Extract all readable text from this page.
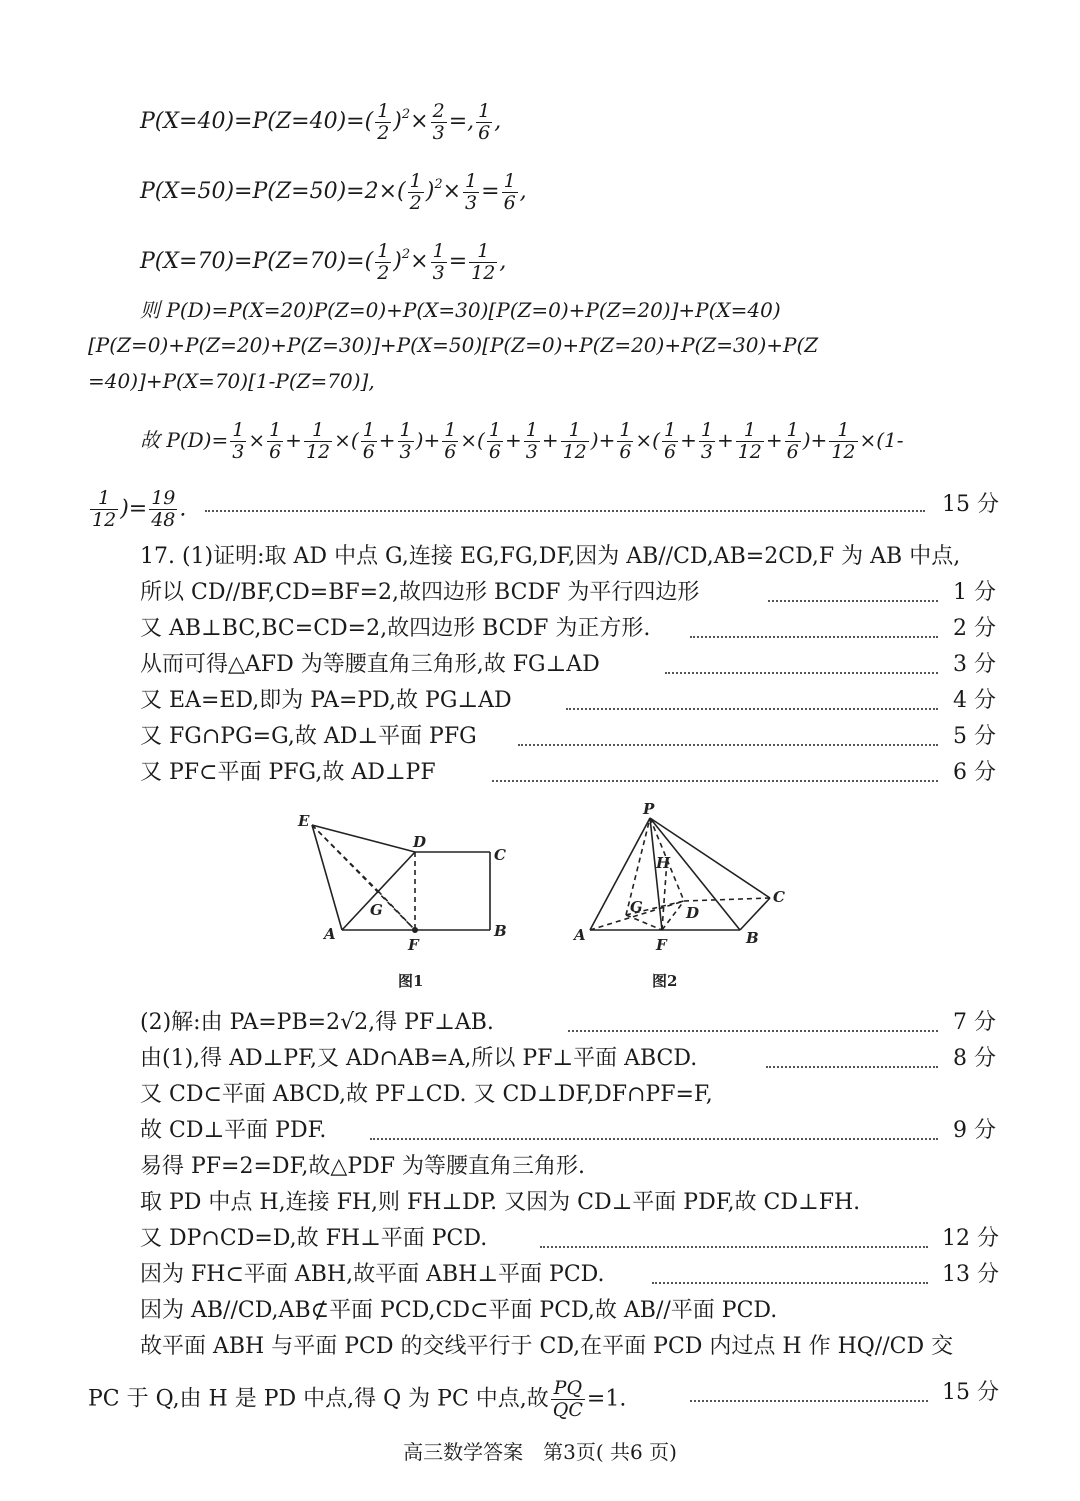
$P(X=40)=P(Z=40)=( \frac{1}{2} )^2\times \frac{2}{3}$ =, $\frac{1}{6}$ ,
$P(X=50)=P(Z=50)=2\times( \frac{1}{2} )^2\times \frac{1}{3} = \frac{1}{6}$ ,
$P(X=70)=P(Z=70)=( \frac{1}{2} )^2\times \frac{1}{3} = \frac{1}{12}$ ,
则 P(D)=P(X=20)P(Z=0)+P(X=30)[P(Z=0)+P(Z=20)]+P(X=40)
[P(Z=0)+P(Z=20)+P(Z=30)]+P(X=50)[P(Z=0)+P(Z=20)+P(Z=30)+P(Z
=40)]+P(X=70)[1-P(Z=70)],
故 $P(D)= \frac{1}{3} \times \frac{1}{6} + \frac{1}{12}$ ×( $\frac{1}{6} + \frac{1}{3}$ )+ $\frac{1}{6}$ ×( $\frac{1}{6} + \frac{1}{3} + \frac{1}{12}$ )+ $\frac{1}{6}$ ×( $\frac{1}{6} + \frac{1}{3} + \frac{1}{12} + \frac{1}{6}$ )+ $\frac{1}{12} \times(1-$
$\frac{1}{12}$ )= $\frac{19}{48}$ .	15 分
17. (1)证明:取 AD 中点 G,连接 EG,FG,DF,因为 AB//CD,AB=2CD,F 为 AB 中点,
所以 CD//BF,CD=BF=2,故四边形 BCDF 为平行四边形	1 分
又 AB⊥BC,BC=CD=2,故四边形 BCDF 为正方形.	2 分
从而可得△AFD 为等腰直角三角形,故 FG⊥AD	3 分
又 EA=ED,即为 PA=PD,故 PG⊥AD	4 分
又 FG∩PG=G,故 AD⊥平面 PFG	5 分
又 PF⊂平面 PFG,故 AD⊥PF	6 分
E
D
C
G
A
F
B
图1
P
H
G	D
C
A
F	B
图2
(2)解:由 PA=PB=2√2,得 PF⊥AB.	7 分
由(1),得 AD⊥PF,又 AD∩AB=A,所以 PF⊥平面 ABCD.	8 分
又 CD⊂平面 ABCD,故 PF⊥CD. 又 CD⊥DF,DF∩PF=F,
故 CD⊥平面 PDF.	9 分
易得 PF=2=DF,故△PDF 为等腰直角三角形.
取 PD 中点 H,连接 FH,则 FH⊥DP. 又因为 CD⊥平面 PDF,故 CD⊥FH.
又 DP∩CD=D,故 FH⊥平面 PCD.	12 分
因为 FH⊂平面 ABH,故平面 ABH⊥平面 PCD.	13 分
因为 AB//CD,AB⊄平面 PCD,CD⊂平面 PCD,故 AB//平面 PCD.
故平面 ABH 与平面 PCD 的交线平行于 CD,在平面 PCD 内过点 H 作 HQ//CD 交
PC 于 Q,由 H 是 PD 中点,得 Q 为 PC 中点,故 $\frac{PQ}{QC} =1$.	15 分
高三数学答案　第3页( 共6 页)
